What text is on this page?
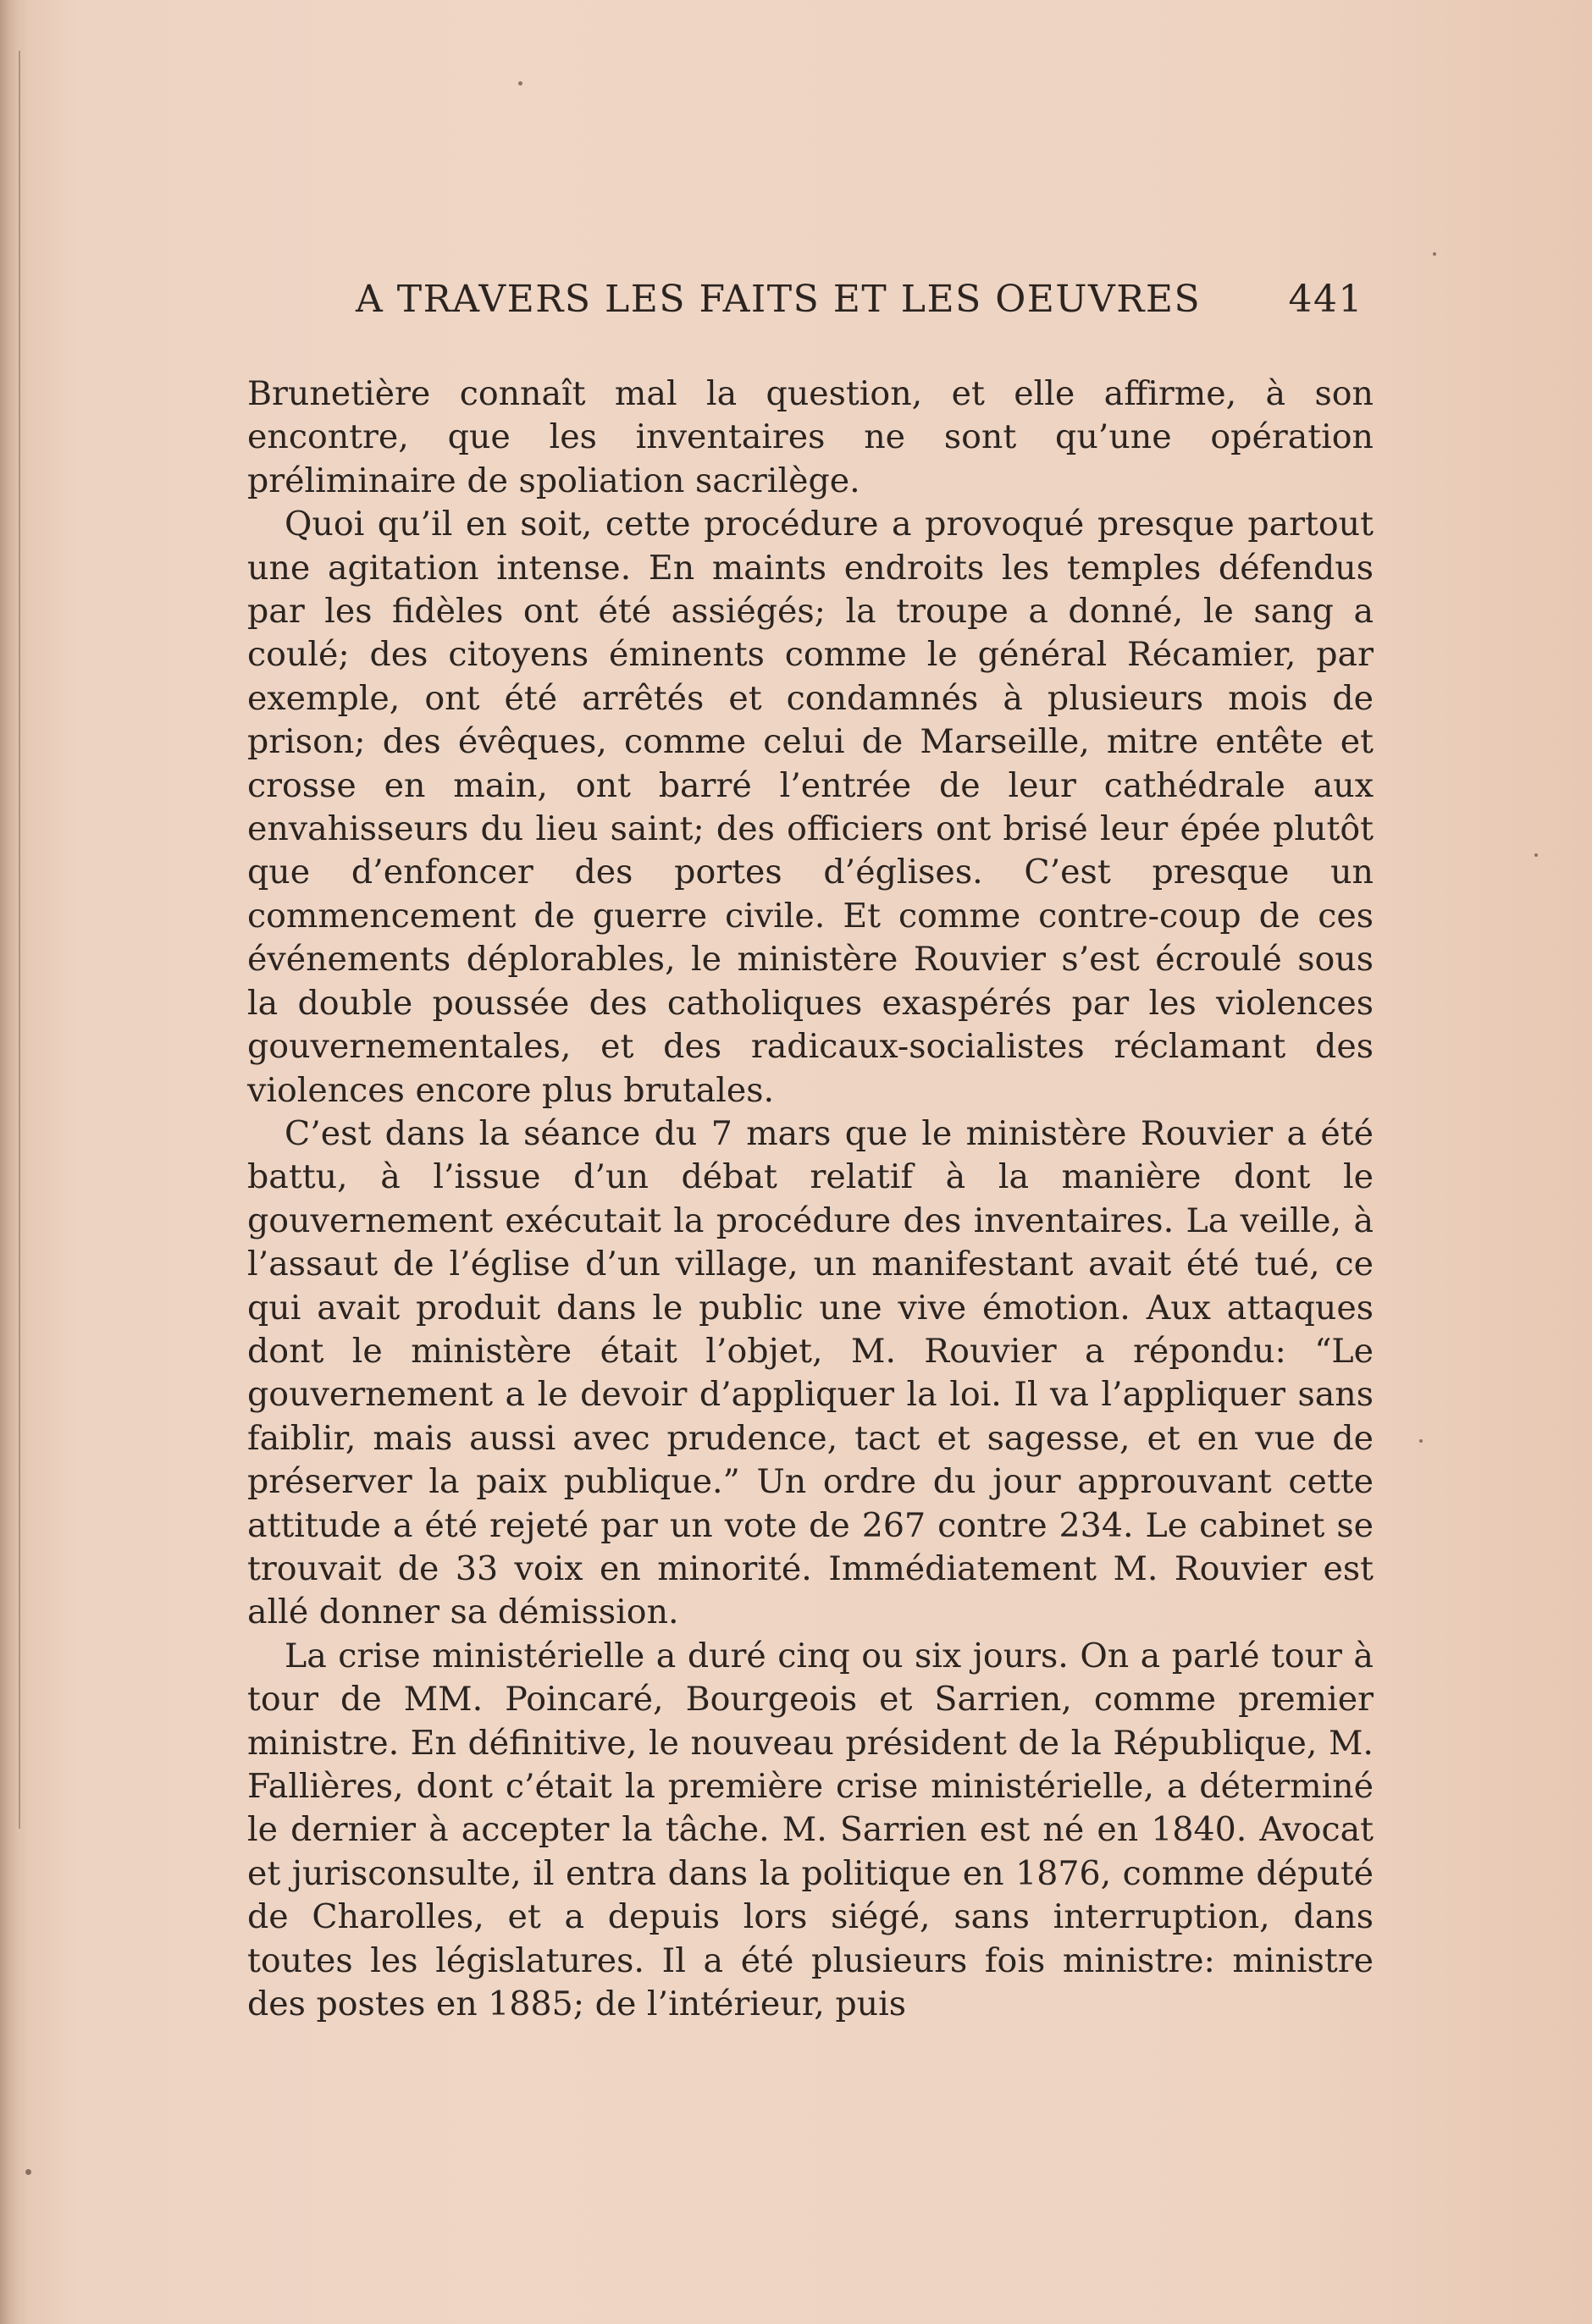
A TRAVERS LES FAITS ET LES OEUVRES 441

Brunetière connaît mal la question, et elle affirme, à son encontre, que les inventaires ne sont qu’une opération préliminaire de spoliation sacrilège.

Quoi qu’il en soit, cette procédure a provoqué presque partout une agitation intense. En maints endroits les temples défendus par les fidèles ont été assiégés; la troupe a donné, le sang a coulé; des citoyens éminents comme le général Récamier, par exemple, ont été arrêtés et condamnés à plusieurs mois de prison; des évêques, comme celui de Marseille, mitre entête et crosse en main, ont barré l’entrée de leur cathédrale aux envahisseurs du lieu saint; des officiers ont brisé leur épée plutôt que d’enfoncer des portes d’églises. C’est presque un commencement de guerre civile. Et comme contre-coup de ces événements déplorables, le ministère Rouvier s’est écroulé sous la double poussée des catholiques exaspérés par les violences gouvernementales, et des radicaux-socialistes réclamant des violences encore plus brutales.

C’est dans la séance du 7 mars que le ministère Rouvier a été battu, à l’issue d’un débat relatif à la manière dont le gouvernement exécutait la procédure des inventaires. La veille, à l’assaut de l’église d’un village, un manifestant avait été tué, ce qui avait produit dans le public une vive émotion. Aux attaques dont le ministère était l’objet, M. Rouvier a répondu: “Le gouvernement a le devoir d’appliquer la loi. Il va l’appliquer sans faiblir, mais aussi avec prudence, tact et sagesse, et en vue de préserver la paix publique.” Un ordre du jour approuvant cette attitude a été rejeté par un vote de 267 contre 234. Le cabinet se trouvait de 33 voix en minorité. Immédiatement M. Rouvier est allé donner sa démission.

La crise ministérielle a duré cinq ou six jours. On a parlé tour à tour de MM. Poincaré, Bourgeois et Sarrien, comme premier ministre. En définitive, le nouveau président de la République, M. Fallières, dont c’était la première crise ministérielle, a déterminé le dernier à accepter la tâche. M. Sarrien est né en 1840. Avocat et jurisconsulte, il entra dans la politique en 1876, comme député de Charolles, et a depuis lors siégé, sans interruption, dans toutes les législatures. Il a été plusieurs fois ministre: ministre des postes en 1885; de l’intérieur, puis
